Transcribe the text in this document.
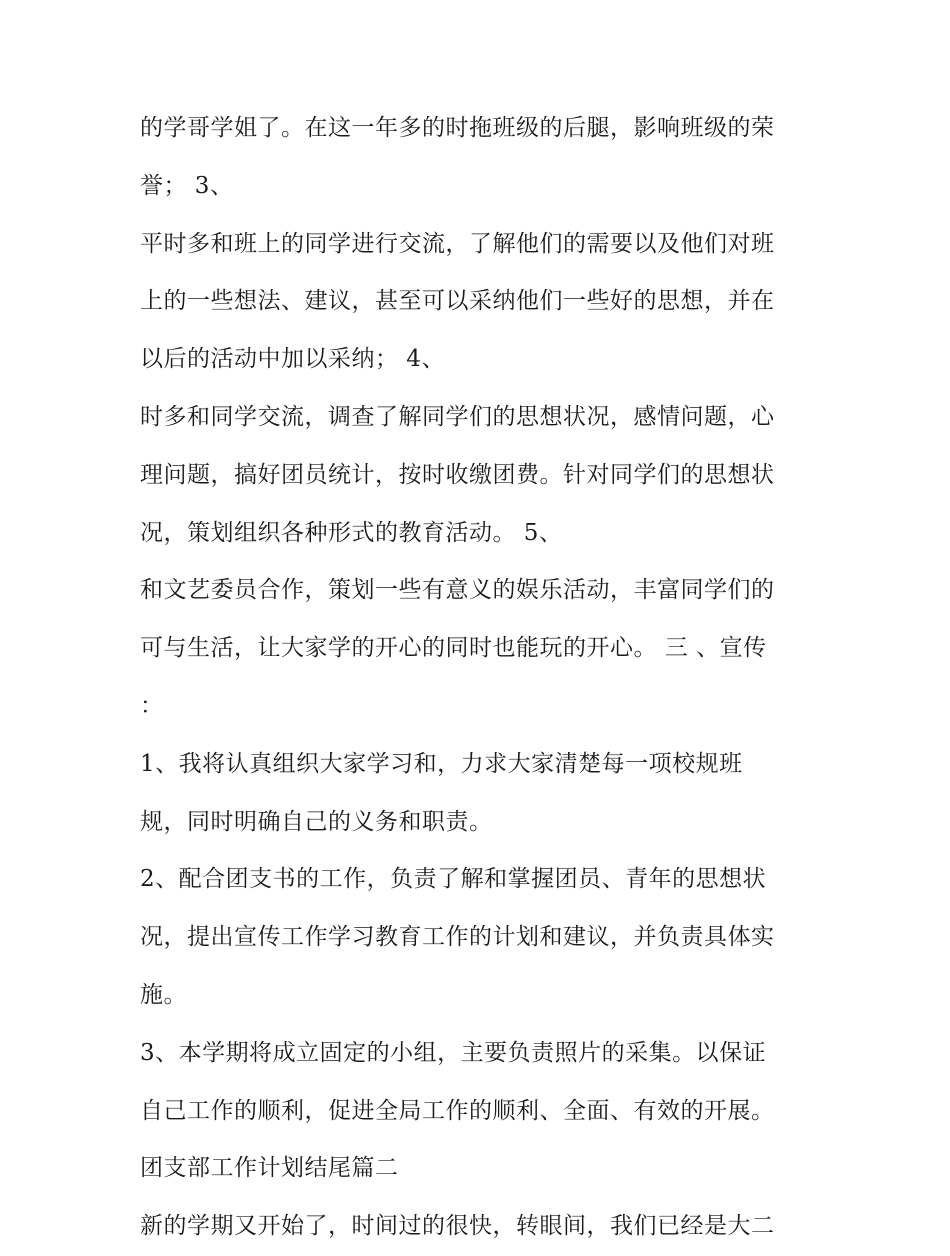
的学哥学姐了。在这一年多的时拖班级的后腿，影响班级的荣
誉； 3、
平时多和班上的同学进行交流，了解他们的需要以及他们对班
上的一些想法、建议，甚至可以采纳他们一些好的思想，并在
以后的活动中加以采纳； 4、
时多和同学交流，调查了解同学们的思想状况，感情问题，心
理问题，搞好团员统计，按时收缴团费。针对同学们的思想状
况，策划组织各种形式的教育活动。 5、
和文艺委员合作，策划一些有意义的娱乐活动，丰富同学们的
可与生活，让大家学的开心的同时也能玩的开心。 三 、宣传
：
1、我将认真组织大家学习和，力求大家清楚每一项校规班
规，同时明确自己的义务和职责。
2、配合团支书的工作，负责了解和掌握团员、青年的思想状
况，提出宣传工作学习教育工作的计划和建议，并负责具体实
施。
3、本学期将成立固定的小组，主要负责照片的采集。以保证
自己工作的顺利，促进全局工作的顺利、全面、有效的开展。
团支部工作计划结尾篇二
新的学期又开始了，时间过的很快，转眼间，我们已经是大二
